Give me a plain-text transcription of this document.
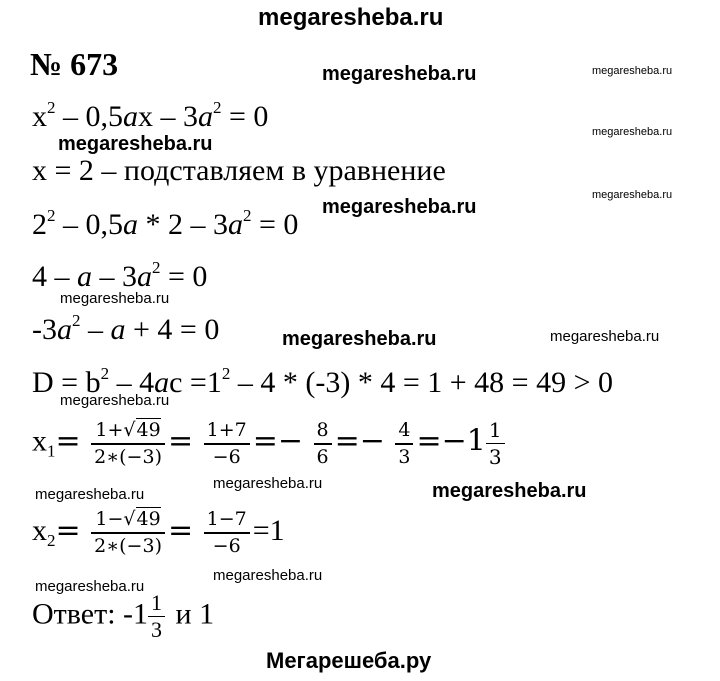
megaresheba.ru
№ 673
$x^2 - 0,5ax - 3a^2 = 0$
x = 2 – подставляем в уравнение
$2^2 - 0,5a * 2 - 3a^2 = 0$
$4 - a - 3a^2 = 0$
$-3a^2 - a + 4 = 0$
$D = b^2 - 4ac =1^2 - 4 * (-3) * 4 = 1 + 48 = 49 > 0$
$x_1= \frac{1+√49}{2∗(-3)} = \frac{1+7}{-6} =- \frac{8}{6} =- \frac{4}{3} =-1 \frac{1}{3}$
$x_2= \frac{1-√49}{2∗(-3)} = \frac{1-7}{-6} =1$
Ответ: $-1 \frac{1}{3}$ и 1
megaresheba.ru
megaresheba.ru
megaresheba.ru
megaresheba.ru
megaresheba.ru
megaresheba.ru
megaresheba.ru
megaresheba.ru
megaresheba.ru
megaresheba.ru
megaresheba.ru
megaresheba.ru
megaresheba.ru
megaresheba.ru
megaresheba.ru
Мегарешеба.ру
